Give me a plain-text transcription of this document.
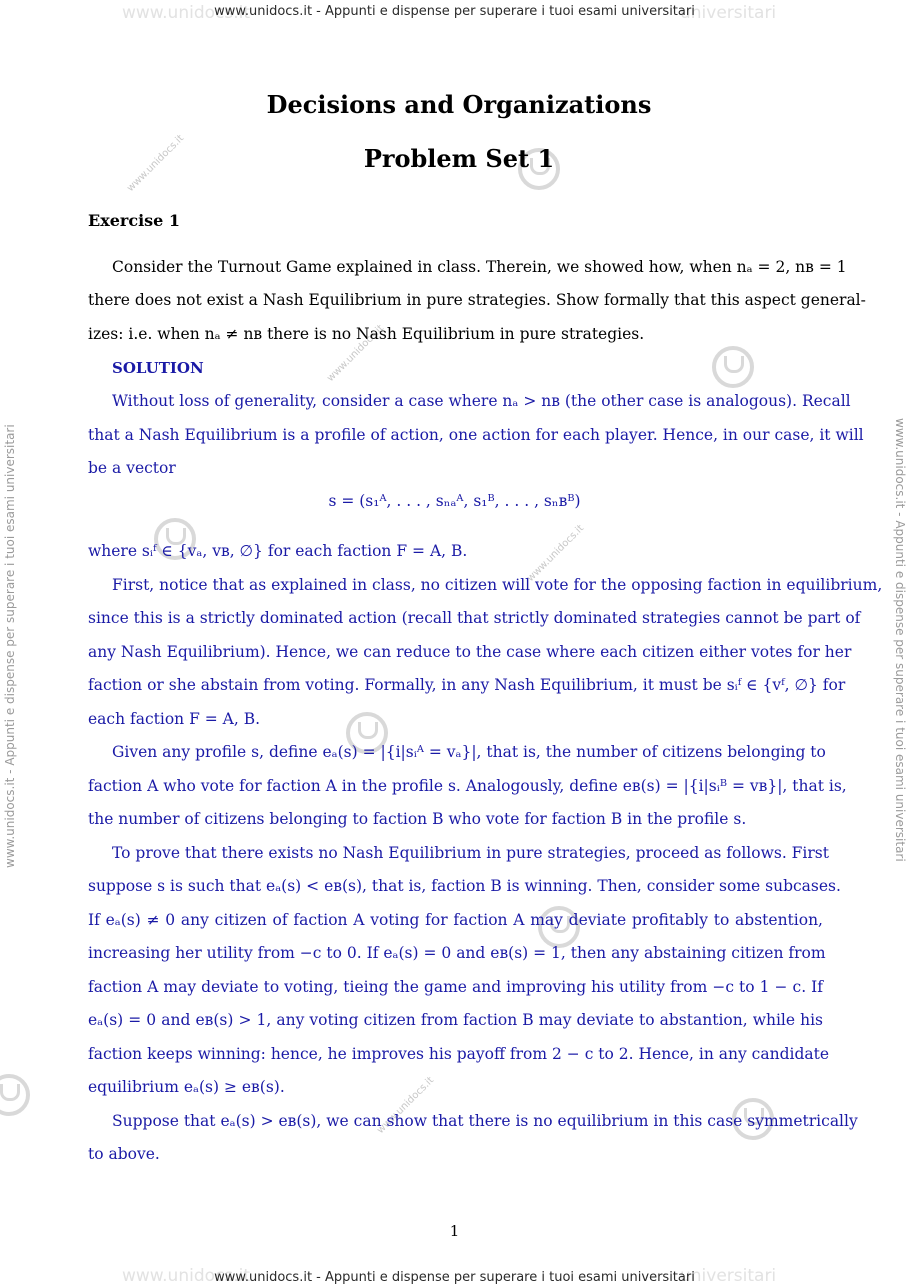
www.unidocs.it	universitari
www.unidocs.it - Appunti e dispense per superare i tuoi esami universitari
www.unidocs.it	universitari
www.unidocs.it - Appunti e dispense per superare i tuoi esami universitari
www.unidocs.it - Appunti e dispense per superare i tuoi esami universitari	www.unidocs.it - Appunti e dispense per superare i tuoi esami universitari
www.unidocs.it
www.unidocs.it
www.unidocs.it
www.unidocs.it
Decisions and Organizations
Problem Set 1
Exercise 1
Consider the Turnout Game explained in class. Therein, we showed how, when nₐ = 2, nʙ = 1
there does not exist a Nash Equilibrium in pure strategies. Show formally that this aspect general-
izes: i.e. when nₐ ≠ nʙ there is no Nash Equilibrium in pure strategies.
SOLUTION
Without loss of generality, consider a case where nₐ > nʙ (the other case is analogous). Recall
that a Nash Equilibrium is a profile of action, one action for each player. Hence, in our case, it will
be a vector
s = (s₁ᴬ, . . . , sₙₐᴬ, s₁ᴮ, . . . , sₙʙᴮ)
where sᵢᶠ ∈ {vₐ, vʙ, ∅} for each faction F = A, B.
First, notice that as explained in class, no citizen will vote for the opposing faction in equilibrium,
since this is a strictly dominated action (recall that strictly dominated strategies cannot be part of
any Nash Equilibrium). Hence, we can reduce to the case where each citizen either votes for her
faction or she abstain from voting. Formally, in any Nash Equilibrium, it must be sᵢᶠ ∈ {vᶠ, ∅} for
each faction F = A, B.
Given any profile s, define eₐ(s) = |{i|sᵢᴬ = vₐ}|, that is, the number of citizens belonging to
faction A who vote for faction A in the profile s. Analogously, define eʙ(s) = |{i|sᵢᴮ = vʙ}|, that is,
the number of citizens belonging to faction B who vote for faction B in the profile s.
To prove that there exists no Nash Equilibrium in pure strategies, proceed as follows. First
suppose s is such that eₐ(s) < eʙ(s), that is, faction B is winning. Then, consider some subcases.
If eₐ(s) ≠ 0 any citizen of faction A voting for faction A may deviate profitably to abstention,
increasing her utility from −c to 0. If eₐ(s) = 0 and eʙ(s) = 1, then any abstaining citizen from
faction A may deviate to voting, tieing the game and improving his utility from −c to 1 − c. If
eₐ(s) = 0 and eʙ(s) > 1, any voting citizen from faction B may deviate to abstantion, while his
faction keeps winning: hence, he improves his payoff from 2 − c to 2. Hence, in any candidate
equilibrium eₐ(s) ≥ eʙ(s).
Suppose that eₐ(s) > eʙ(s), we can show that there is no equilibrium in this case symmetrically
to above.
1
